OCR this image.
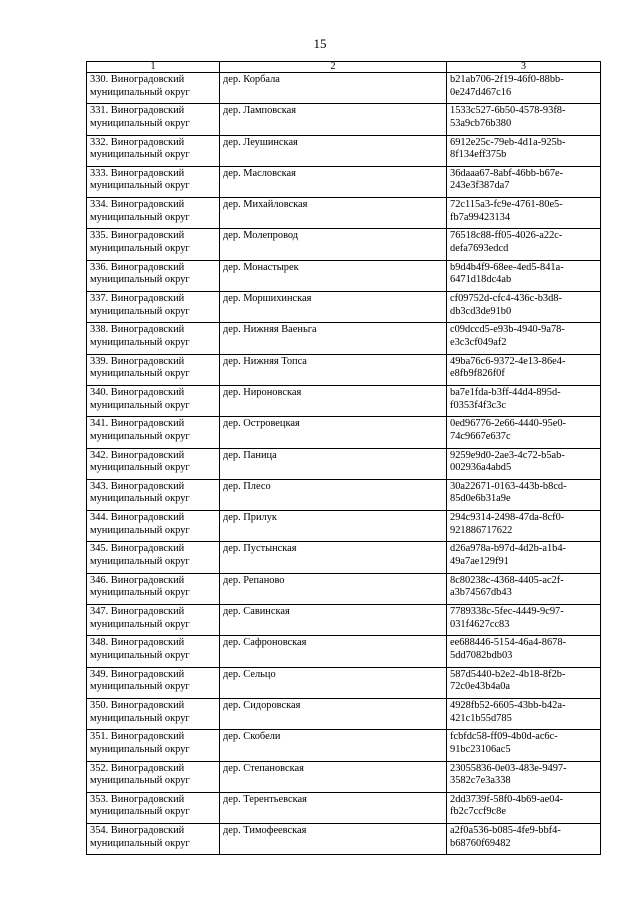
15
1	2	3

330. Виноградовский
муниципальный округ	дер. Корбала	b21ab706-2f19-46f0-88bb-
0e247d467c16

331. Виноградовский
муниципальный округ	дер. Ламповская	1533c527-6b50-4578-93f8-
53a9cb76b380

332. Виноградовский
муниципальный округ	дер. Леушинская	6912e25c-79eb-4d1a-925b-
8f134eff375b

333. Виноградовский
муниципальный округ	дер. Масловская	36daaa67-8abf-46bb-b67e-
243e3f387da7

334. Виноградовский
муниципальный округ	дер. Михайловская	72c115a3-fc9e-4761-80e5-
fb7a99423134

335. Виноградовский
муниципальный округ	дер. Молепровод	76518c88-ff05-4026-a22c-
defa7693edcd

336. Виноградовский
муниципальный округ	дер. Монастырек	b9d4b4f9-68ee-4ed5-841a-
6471d18dc4ab

337. Виноградовский
муниципальный округ	дер. Моршихинская	cf09752d-cfc4-436c-b3d8-
db3cd3de91b0

338. Виноградовский
муниципальный округ	дер. Нижняя Ваеньга	c09dccd5-e93b-4940-9a78-
e3c3cf049af2

339. Виноградовский
муниципальный округ	дер. Нижняя Топса	49ba76c6-9372-4e13-86e4-
e8fb9f826f0f

340. Виноградовский
муниципальный округ	дер. Нироновская	ba7e1fda-b3ff-44d4-895d-
f0353f4f3c3c

341. Виноградовский
муниципальный округ	дер. Островецкая	0ed96776-2e66-4440-95e0-
74c9667e637c

342. Виноградовский
муниципальный округ	дер. Паница	9259e9d0-2ae3-4c72-b5ab-
002936a4abd5

343. Виноградовский
муниципальный округ	дер. Плесо	30a22671-0163-443b-b8cd-
85d0e6b31a9e

344. Виноградовский
муниципальный округ	дер. Прилук	294c9314-2498-47da-8cf0-
921886717622

345. Виноградовский
муниципальный округ	дер. Пустынская	d26a978a-b97d-4d2b-a1b4-
49a7ae129f91

346. Виноградовский
муниципальный округ	дер. Репаново	8c80238c-4368-4405-ac2f-
a3b74567db43

347. Виноградовский
муниципальный округ	дер. Савинская	7789338c-5fec-4449-9c97-
031f4627cc83

348. Виноградовский
муниципальный округ	дер. Сафроновская	ee688446-5154-46a4-8678-
5dd7082bdb03

349. Виноградовский
муниципальный округ	дер. Сельцо	587d5440-b2e2-4b18-8f2b-
72c0e43b4a0a

350. Виноградовский
муниципальный округ	дер. Сидоровская	4928fb52-6605-43bb-b42a-
421c1b55d785

351. Виноградовский
муниципальный округ	дер. Скобели	fcbfdc58-ff09-4b0d-ac6c-
91bc23106ac5

352. Виноградовский
муниципальный округ	дер. Степановская	23055836-0e03-483e-9497-
3582c7e3a338

353. Виноградовский
муниципальный округ	дер. Терентьевская	2dd3739f-58f0-4b69-ae04-
fb2c7ccf9c8e

354. Виноградовский
муниципальный округ	дер. Тимофеевская	a2f0a536-b085-4fe9-bbf4-
b68760f69482
